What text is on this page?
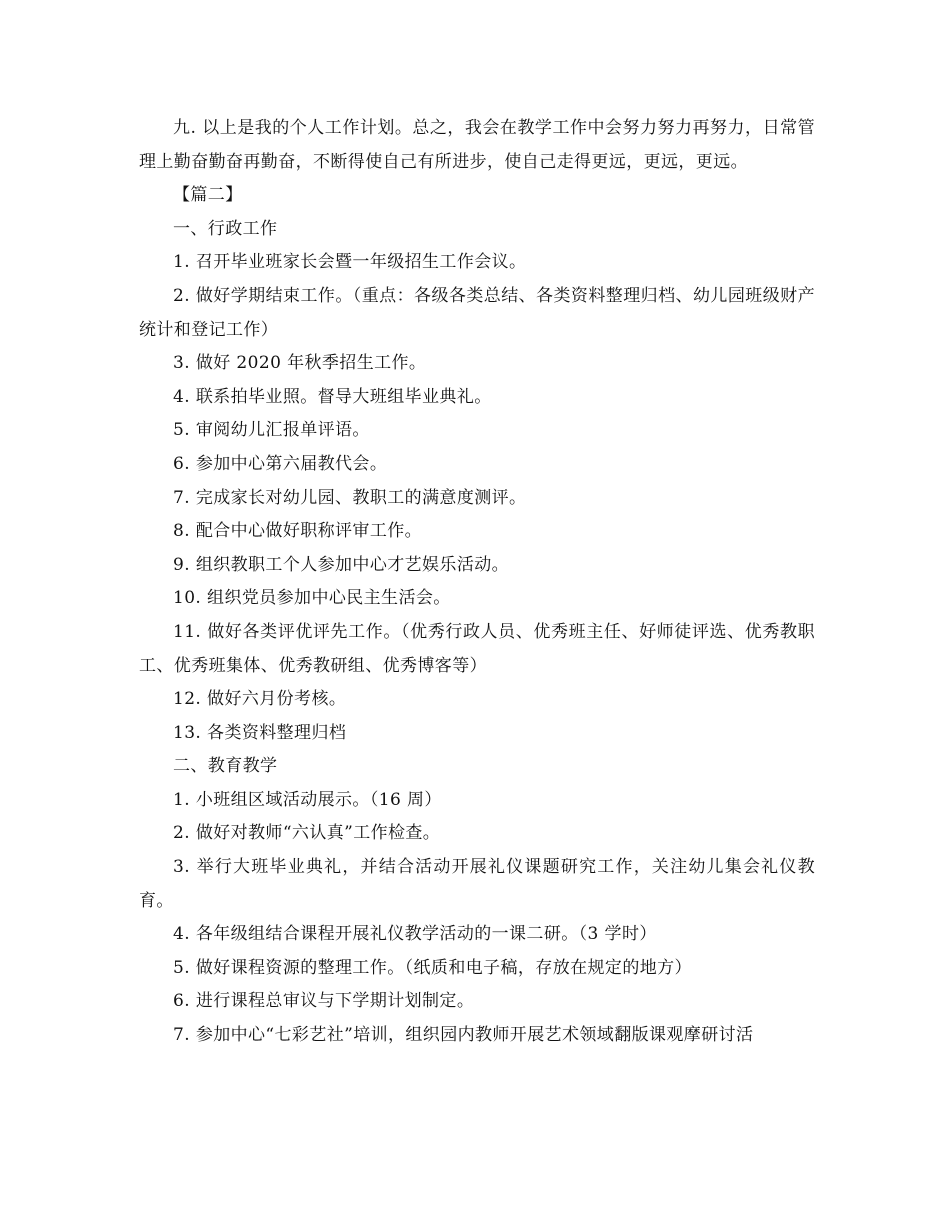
九. 以上是我的个人工作计划。总之，我会在教学工作中会努力努力再努力，日常管理上勤奋勤奋再勤奋，不断得使自己有所进步，使自己走得更远，更远，更远。

【篇二】

一、行政工作

1. 召开毕业班家长会暨一年级招生工作会议。

2. 做好学期结束工作。（重点：各级各类总结、各类资料整理归档、幼儿园班级财产统计和登记工作）

3. 做好 2020 年秋季招生工作。

4. 联系拍毕业照。督导大班组毕业典礼。

5. 审阅幼儿汇报单评语。

6. 参加中心第六届教代会。

7. 完成家长对幼儿园、教职工的满意度测评。

8. 配合中心做好职称评审工作。

9. 组织教职工个人参加中心才艺娱乐活动。

10. 组织党员参加中心民主生活会。

11. 做好各类评优评先工作。（优秀行政人员、优秀班主任、好师徒评选、优秀教职工、优秀班集体、优秀教研组、优秀博客等）

12. 做好六月份考核。

13. 各类资料整理归档

二、教育教学

1. 小班组区域活动展示。（16 周）

2. 做好对教师“六认真”工作检查。

3. 举行大班毕业典礼，并结合活动开展礼仪课题研究工作，关注幼儿集会礼仪教育。

4. 各年级组结合课程开展礼仪教学活动的一课二研。（3 学时）

5. 做好课程资源的整理工作。（纸质和电子稿，存放在规定的地方）

6. 进行课程总审议与下学期计划制定。

7. 参加中心“七彩艺社”培训，组织园内教师开展艺术领域翻版课观摩研讨活
